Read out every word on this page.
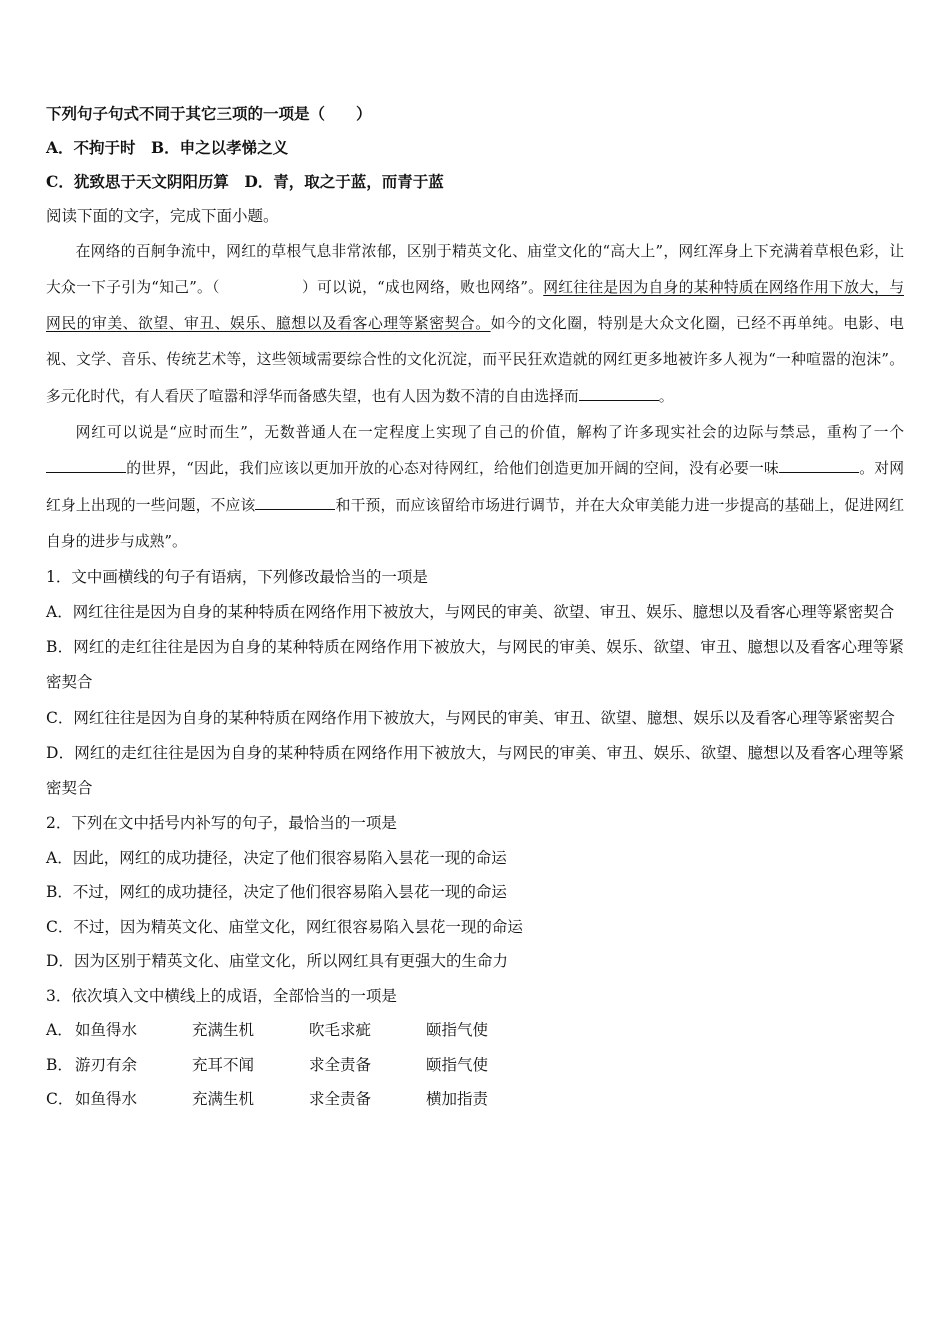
下列句子句式不同于其它三项的一项是（　　）

A．不拘于时　B．申之以孝悌之义

C．犹致思于天文阴阳历算　D．青，取之于蓝，而青于蓝

阅读下面的文字，完成下面小题。

在网络的百舸争流中，网红的草根气息非常浓郁，区别于精英文化、庙堂文化的“高大上”，网红浑身上下充满着草根色彩，让大众一下子引为“知己”。（	）可以说，“成也网络，败也网络”。网红往往是因为自身的某种特质在网络作用下放大，与网民的审美、欲望、审丑、娱乐、臆想以及看客心理等紧密契合。如今的文化圈，特别是大众文化圈，已经不再单纯。电影、电视、文学、音乐、传统艺术等，这些领域需要综合性的文化沉淀，而平民狂欢造就的网红更多地被许多人视为“一种喧嚣的泡沫”。多元化时代，有人看厌了喧嚣和浮华而备感失望，也有人因为数不清的自由选择而	。

网红可以说是“应时而生”，无数普通人在一定程度上实现了自己的价值，解构了许多现实社会的边际与禁忌，重构了一个的世界，“因此，我们应该以更加开放的心态对待网红，给他们创造更加开阔的空间，没有必要一味	。对网红身上出现的一些问题，不应该	和干预，而应该留给市场进行调节，并在大众审美能力进一步提高的基础上，促进网红自身的进步与成熟”。

1．文中画横线的句子有语病，下列修改最恰当的一项是

A．网红往往是因为自身的某种特质在网络作用下被放大，与网民的审美、欲望、审丑、娱乐、臆想以及看客心理等紧密契合

B．网红的走红往往是因为自身的某种特质在网络作用下被放大，与网民的审美、娱乐、欲望、审丑、臆想以及看客心理等紧密契合

C．网红往往是因为自身的某种特质在网络作用下被放大，与网民的审美、审丑、欲望、臆想、娱乐以及看客心理等紧密契合

D．网红的走红往往是因为自身的某种特质在网络作用下被放大，与网民的审美、审丑、娱乐、欲望、臆想以及看客心理等紧密契合

2．下列在文中括号内补写的句子，最恰当的一项是

A．因此，网红的成功捷径，决定了他们很容易陷入昙花一现的命运

B．不过，网红的成功捷径，决定了他们很容易陷入昙花一现的命运

C．不过，因为精英文化、庙堂文化，网红很容易陷入昙花一现的命运

D．因为区别于精英文化、庙堂文化，所以网红具有更强大的生命力

3．依次填入文中横线上的成语，全部恰当的一项是

A． 如鱼得水	充满生机	吹毛求疵	颐指气使
B． 游刃有余	充耳不闻	求全责备	颐指气使
C． 如鱼得水	充满生机	求全责备	横加指责
